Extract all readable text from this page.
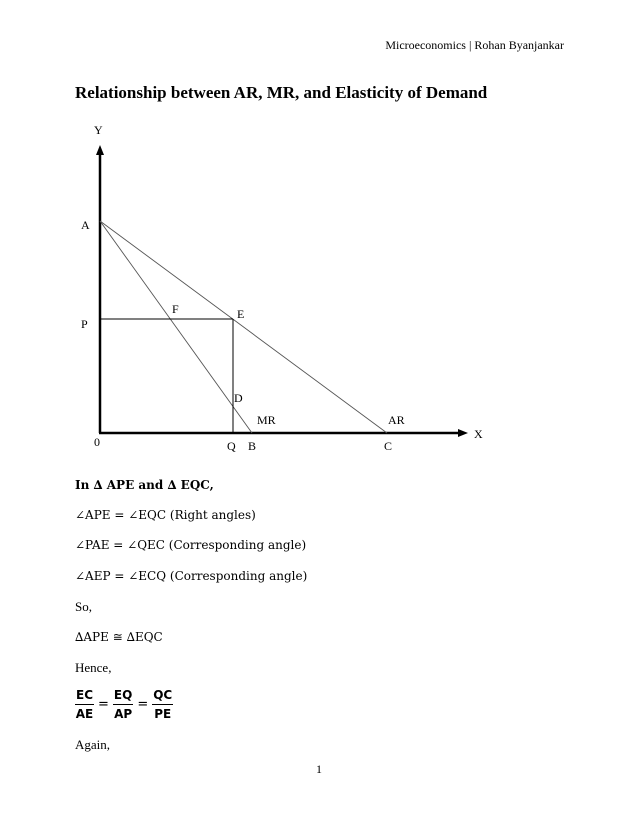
Microeconomics | Rohan Byanjankar
Relationship between AR, MR, and Elasticity of Demand
Y
X
0
A
P
F	E
D
MR	AR
Q B	C
In ∆ APE and ∆ EQC,
∠APE = ∠EQC (Right angles)
∠PAE = ∠QEC (Corresponding angle)
∠AEP = ∠ECQ (Corresponding angle)
So,
∆APE ≅ ∆EQC
Hence,
$\frac{EC}{AE} = \frac{EQ}{AP} = \frac{QC}{PE}$
Again,
1
